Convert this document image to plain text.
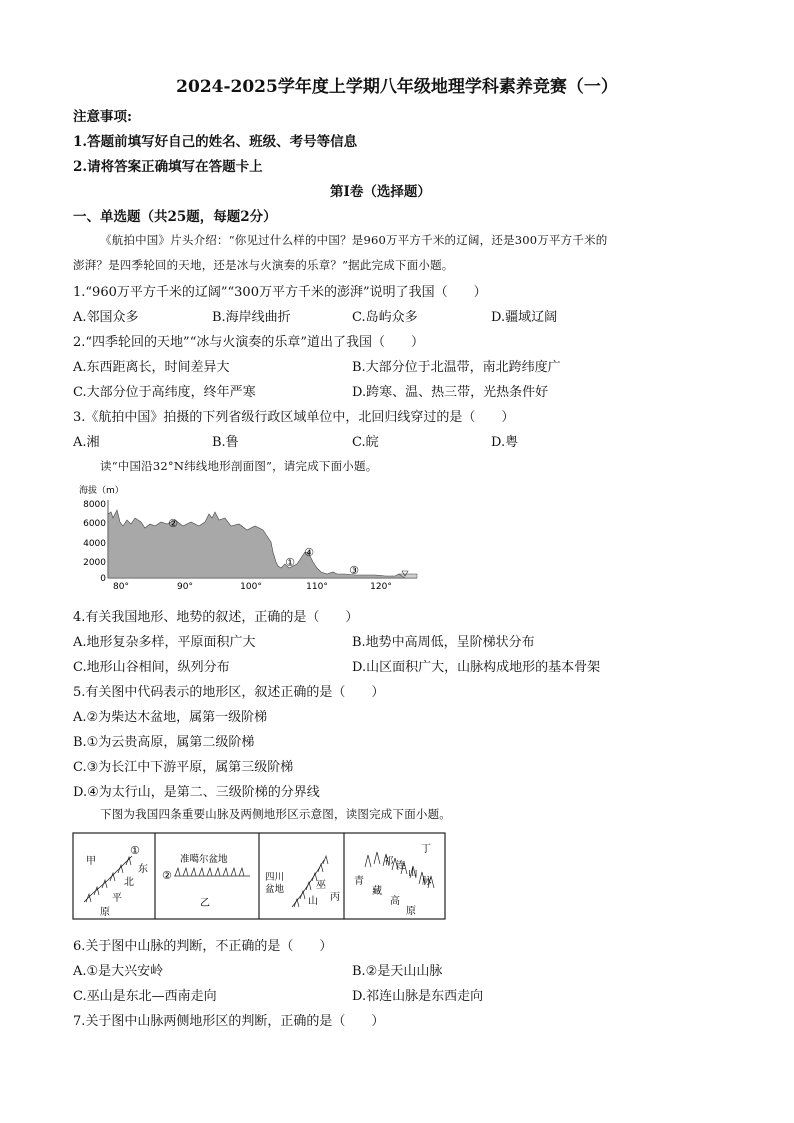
2024-2025学年度上学期八年级地理学科素养竞赛（一）
注意事项:
1.答题前填写好自己的姓名、班级、考号等信息
2.请将答案正确填写在答题卡上
第Ⅰ卷（选择题）
一、单选题（共25题，每题2分）
《航拍中国》片头介绍：“你见过什么样的中国？是960万平方千米的辽阔，还是300万平方千米的
澎湃？是四季轮回的天地，还是冰与火演奏的乐章？”据此完成下面小题。
1.“960万平方千米的辽阔”“300万平方千米的澎湃”说明了我国（　　）
A.邻国众多	B.海岸线曲折	C.岛屿众多	D.疆域辽阔
2.“四季轮回的天地”“冰与火演奏的乐章”道出了我国（　　）
A.东西距离长，时间差异大	B.大部分位于北温带，南北跨纬度广
C.大部分位于高纬度，终年严寒	D.跨寒、温、热三带，光热条件好
3.《航拍中国》拍摄的下列省级行政区域单位中，北回归线穿过的是（　　）
A.湘	B.鲁	C.皖	D.粤
读“中国沿32°N纬线地形剖面图”，请完成下面小题。
海拔（m）
8000
6000
4000
2000
0
②
①
④
③
80°	90°	100°	110°	120°
4.有关我国地形、地势的叙述，正确的是（　　）
A.地形复杂多样，平原面积广大	B.地势中高周低，呈阶梯状分布
C.地形山谷相间，纵列分布	D.山区面积广大，山脉构成地形的基本骨架
5.有关图中代码表示的地形区，叙述正确的是（　　）
A.②为柴达木盆地，属第一级阶梯
B.①为云贵高原，属第二级阶梯
C.③为长江中下游平原，属第三级阶梯
D.④为太行山，是第二、三级阶梯的分界线
下图为我国四条重要山脉及两侧地形区示意图，读图完成下面小题。
甲
①
东
北
平
原
②
准噶尔盆地
乙
四川
盆地	巫
山 丙
丁
祁 连
山
脉
青
藏
高
原
6.关于图中山脉的判断，不正确的是（　　）
A.①是大兴安岭	B.②是天山山脉
C.巫山是东北—西南走向	D.祁连山脉是东西走向
7.关于图中山脉两侧地形区的判断，正确的是（　　）
